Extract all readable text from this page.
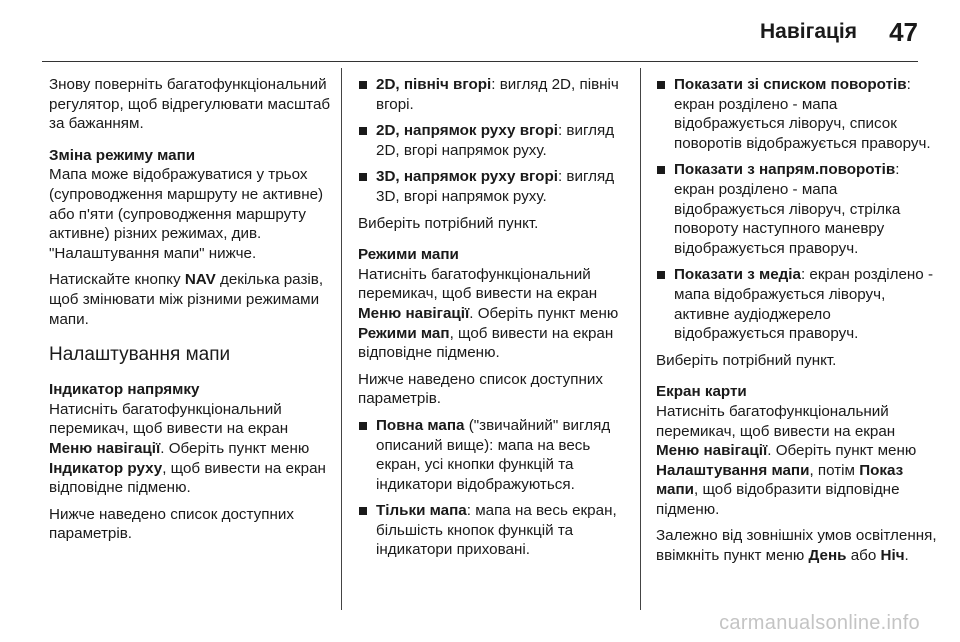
Навігація 47

Знову поверніть багатофункціональний регулятор, щоб відрегулювати масштаб за бажанням.

Зміна режиму мапи
Мапа може відображуватися у трьох (супроводження маршруту не активне) або п'яти (супроводження маршруту активне) різних режимах, див. "Налаштування мапи" нижче.

Натискайте кнопку NAV декілька разів, щоб змінювати між різними режимами мапи.

Налаштування мапи

Індикатор напрямку
Натисніть багатофункціональний перемикач, щоб вивести на екран Меню навігації. Оберіть пункт меню Індикатор руху, щоб вивести на екран відповідне підменю.

Нижче наведено список доступних параметрів.

2D, північ вгорі: вигляд 2D, північ вгорі.
2D, напрямок руху вгорі: вигляд 2D, вгорі напрямок руху.
3D, напрямок руху вгорі: вигляд 3D, вгорі напрямок руху.

Виберіть потрібний пункт.

Режими мапи
Натисніть багатофункціональний перемикач, щоб вивести на екран Меню навігації. Оберіть пункт меню Режими мап, щоб вивести на екран відповідне підменю.

Нижче наведено список доступних параметрів.

Повна мапа ("звичайний" вигляд описаний вище): мапа на весь екран, усі кнопки функцій та індикатори відображуються.
Тільки мапа: мапа на весь екран, більшість кнопок функцій та індикатори приховані.
Показати зі списком поворотів: екран розділено - мапа відображується ліворуч, список поворотів відображується праворуч.
Показати з напрям.поворотів: екран розділено - мапа відображується ліворуч, стрілка повороту наступного маневру відображується праворуч.
Показати з медіа: екран розділено - мапа відображується ліворуч, активне аудіоджерело відображується праворуч.

Виберіть потрібний пункт.

Екран карти
Натисніть багатофункціональний перемикач, щоб вивести на екран Меню навігації. Оберіть пункт меню Налаштування мапи, потім Показ мапи, щоб відобразити відповідне підменю.

Залежно від зовнішніх умов освітлення, ввімкніть пункт меню День або Ніч.

carmanualsonline.info
